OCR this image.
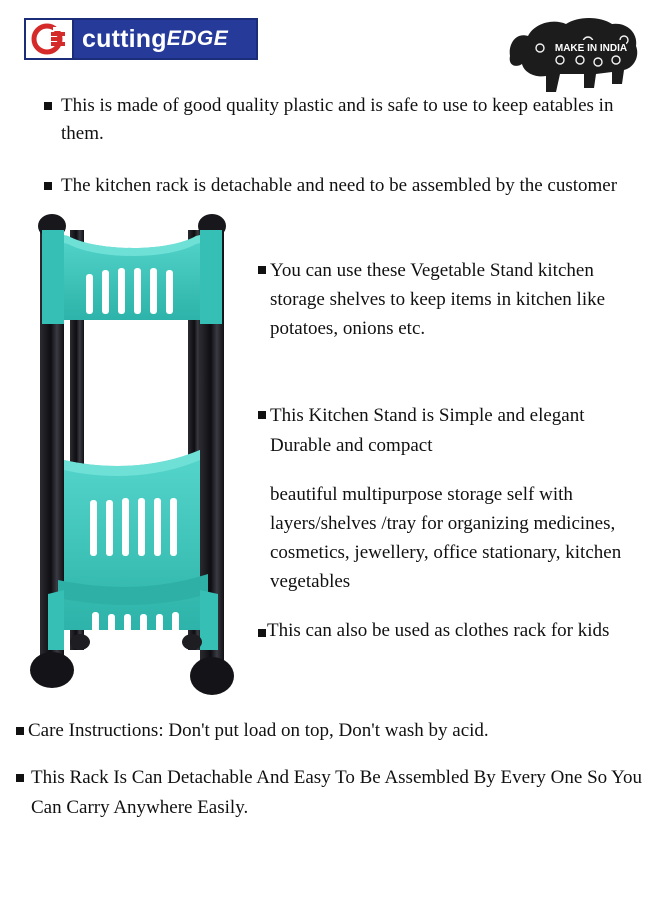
cutting EDGE	MAKE IN INDIA
This is made of good quality plastic and is safe to use to keep eatables in them.
The kitchen rack is detachable and need to be assembled by the customer
You can use these Vegetable Stand kitchen storage shelves to keep items in kitchen like potatoes, onions etc.
This Kitchen Stand is Simple and elegant Durable and compact
beautiful multipurpose storage self with layers/shelves /tray for organizing medicines, cosmetics, jewellery, office stationary, kitchen vegetables
This can also be used as clothes rack for kids
Care Instructions: Don't put load on top, Don't wash by acid.
This Rack Is Can Detachable And Easy To Be Assembled By Every One So You Can Carry Anywhere Easily.
